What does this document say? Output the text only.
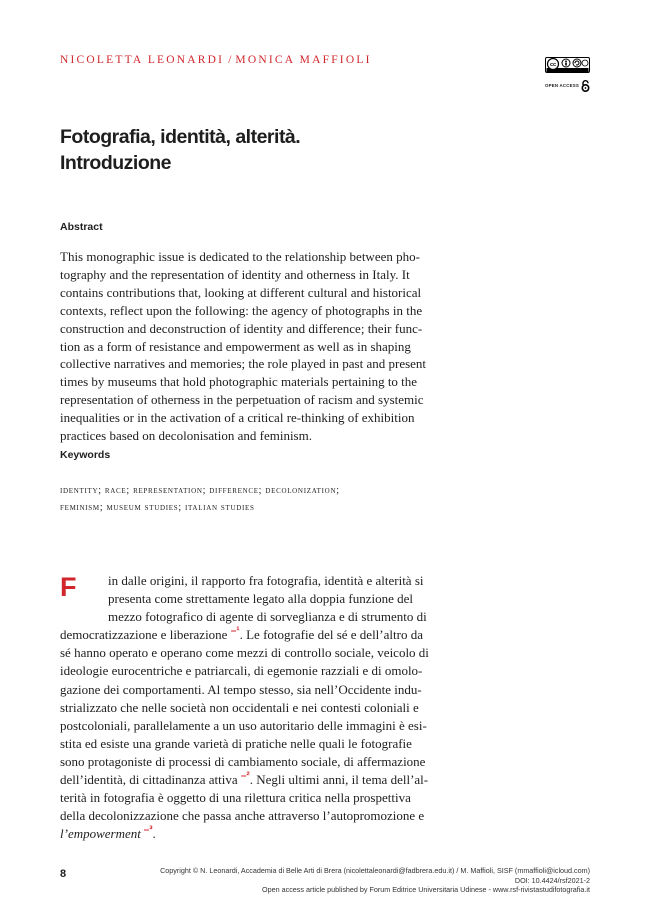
NICOLETTA LEONARDI / MONICA MAFFIOLI	cc
OPEN ACCESS
Fotografia, identità, alterità.
Introduzione
Abstract

This monographic issue is dedicated to the relationship between pho-
tography and the representation of identity and otherness in Italy. It
contains contributions that, looking at different cultural and historical
contexts, reflect upon the following: the agency of photographs in the
construction and deconstruction of identity and difference; their func-
tion as a form of resistance and empowerment as well as in shaping
collective narratives and memories; the role played in past and present
times by museums that hold photographic materials pertaining to the
representation of otherness in the perpetuation of racism and systemic
inequalities or in the activation of a critical re-thinking of exhibition
practices based on decolonisation and feminism.

Keywords

identity; race; representation; difference; decolonization;
feminism; museum studies; italian studies

F	in dalle origini, il rapporto fra fotografia, identità e alterità si
presenta come strettamente legato alla doppia funzione del
mezzo fotografico di agente di sorveglianza e di strumento di
democratizzazione e liberazione $^{-^1}$. Le fotografie del sé e dell’altro da
sé hanno operato e operano come mezzi di controllo sociale, veicolo di
ideologie eurocentriche e patriarcali, di egemonie razziali e di omolo-
gazione dei comportamenti. Al tempo stesso, sia nell’Occidente indu-
strializzato che nelle società non occidentali e nei contesti coloniali e
postcoloniali, parallelamente a un uso autoritario delle immagini è esi-
stita ed esiste una grande varietà di pratiche nelle quali le fotografie
sono protagoniste di processi di cambiamento sociale, di affermazione
dell’identità, di cittadinanza attiva $^{-^2}$. Negli ultimi anni, il tema dell’al-
terità in fotografia è oggetto di una rilettura critica nella prospettiva
della decolonizzazione che passa anche attraverso l’autopromozione e
l’empowerment $^{-^3}$.

8	Copyright © N. Leonardi, Accademia di Belle Arti di Brera (nicolettaleonardi@fadbrera.edu.it) / M. Maffioli, SISF (mmaffioli@icloud.com)
DOI: 10.4424/rsf2021-2
Open access article published by Forum Editrice Universitaria Udinese - www.rsf-rivistastudifotografia.it
